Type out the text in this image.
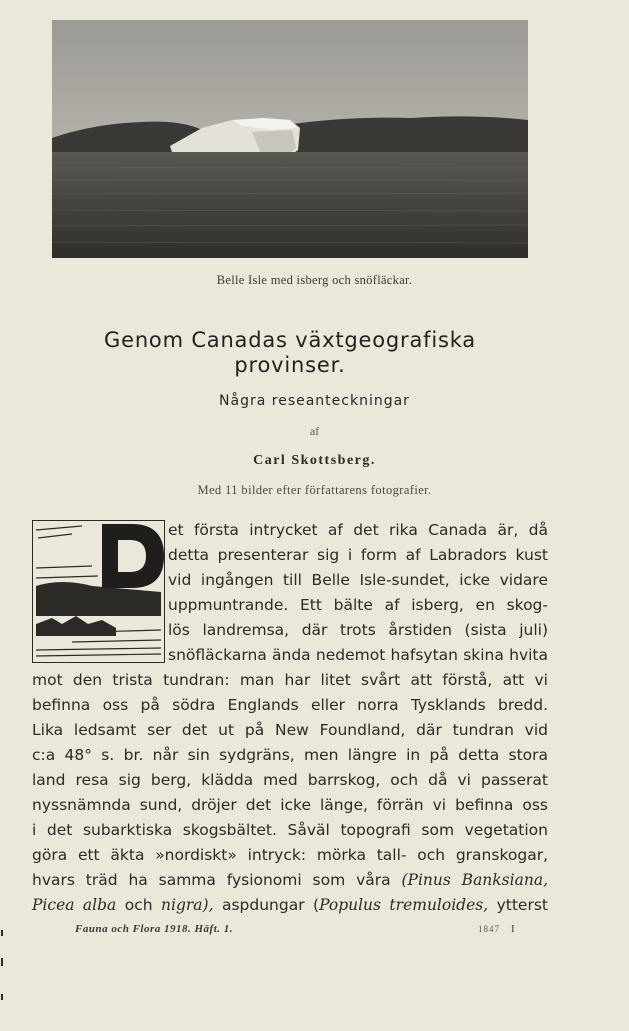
Belle Isle med isberg och snöfläckar.
Genom Canadas växtgeografiska
provinser.
Några reseanteckningar
af
Carl Skottsberg.
Med 11 bilder efter författarens fotografier.
et första intrycket af det rika Canada är, då
detta presenterar sig i form af Labradors kust
vid ingången till Belle Isle-sundet, icke vidare
uppmuntrande. Ett bälte af isberg, en skog-
lös landremsa, där trots årstiden (sista juli)
snöfläckarna ända nedemot hafsytan skina hvita
mot den trista tundran: man har litet svårt att förstå, att vi
befinna oss på södra Englands eller norra Tysklands bredd.
Lika ledsamt ser det ut på New Foundland, där tundran vid
c:a 48° s. br. når sin sydgräns, men längre in på detta stora
land resa sig berg, klädda med barrskog, och då vi passerat
nyssnämnda sund, dröjer det icke länge, förrän vi befinna oss
i det subarktiska skogsbältet. Såväl topografi som vegetation
göra ett äkta »nordiskt» intryck: mörka tall- och granskogar,
hvars träd ha samma fysionomi som våra (Pinus Banksiana,
Picea alba och nigra), aspdungar (Populus tremuloides, ytterst
Fauna och Flora 1918. Häft. 1.	1847 I
